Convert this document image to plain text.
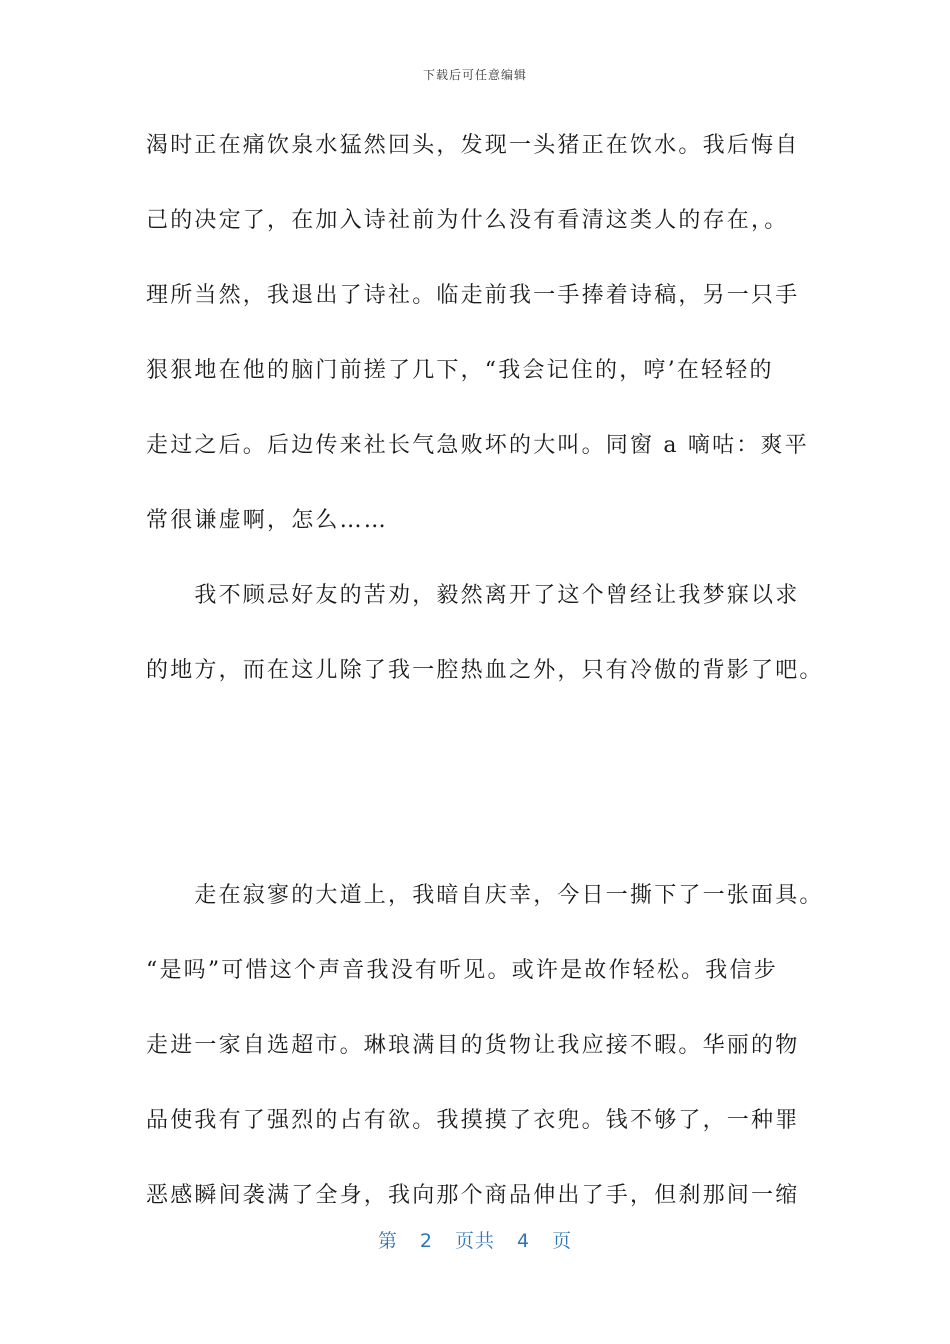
下载后可任意编辑
渴时正在痛饮泉水猛然回头，发现一头猪正在饮水。我后悔自
己的决定了，在加入诗社前为什么没有看清这类人的存在，。
理所当然，我退出了诗社。临走前我一手捧着诗稿，另一只手
狠狠地在他的脑门前搓了几下，“我会记住的，哼’在轻轻的
走过之后。后边传来社长气急败坏的大叫。同窗 a 嘀咕：爽平
常很谦虚啊，怎么……
　　我不顾忌好友的苦劝，毅然离开了这个曾经让我梦寐以求
的地方，而在这儿除了我一腔热血之外，只有冷傲的背影了吧。
　　走在寂寥的大道上，我暗自庆幸，今日一撕下了一张面具。
“是吗”可惜这个声音我没有听见。或许是故作轻松。我信步
走进一家自选超市。琳琅满目的货物让我应接不暇。华丽的物
品使我有了强烈的占有欲。我摸摸了衣兜。钱不够了，一种罪
恶感瞬间袭满了全身，我向那个商品伸出了手，但刹那间一缩
第 2 页共 4 页
